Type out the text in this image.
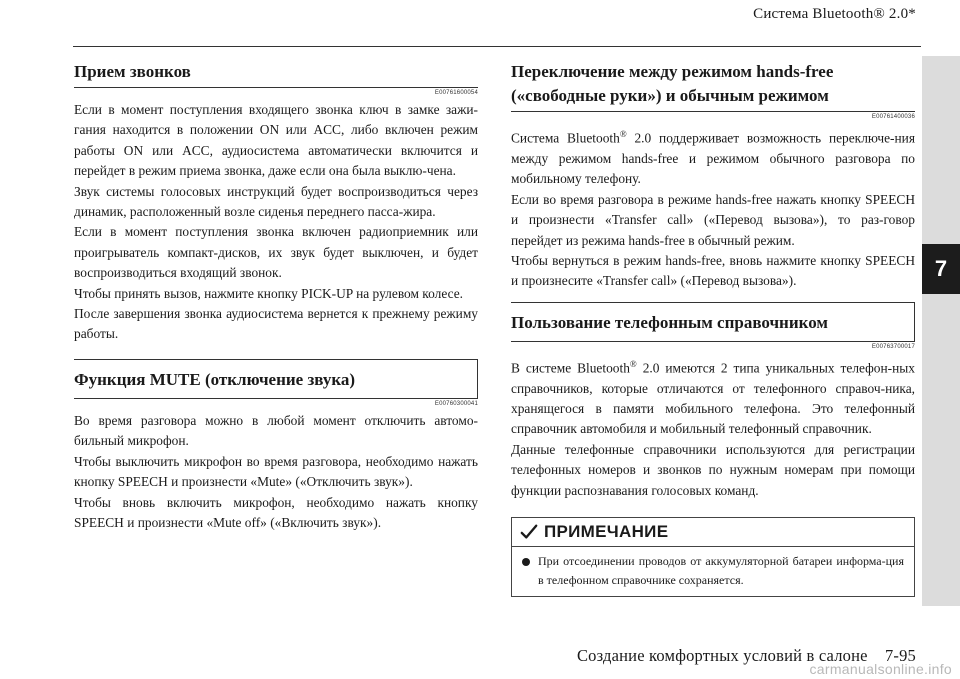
Система Bluetooth® 2.0*
7
Прием звонков
E00761600054

Если в момент поступления входящего звонка ключ в замке зажи-гания находится в положении ON или ACC, либо включен режим работы ON или ACC, аудиосистема автоматически включится и перейдет в режим приема звонка, даже если она была выклю-чена.

Звук системы голосовых инструкций будет воспроизводиться через динамик, расположенный возле сиденья переднего пасса-жира.

Если в момент поступления звонка включен радиоприемник или проигрыватель компакт-дисков, их звук будет выключен, и будет воспроизводиться входящий звонок.

Чтобы принять вызов, нажмите кнопку PICK-UP на рулевом колесе.

После завершения звонка аудиосистема вернется к прежнему режиму работы.

Функция MUTE (отключение звука)
E00760300041

Во время разговора можно в любой момент отключить автомо-бильный микрофон.

Чтобы выключить микрофон во время разговора, необходимо нажать кнопку SPEECH и произнести «Mute» («Отключить звук»).

Чтобы вновь включить микрофон, необходимо нажать кнопку SPEECH и произнести «Mute off» («Включить звук»).

Переключение между режимом hands-free
(«свободные руки») и обычным режимом
E00761400036

Система Bluetooth® 2.0 поддерживает возможность переключе-ния между режимом hands-free и режимом обычного разговора по мобильному телефону.

Если во время разговора в режиме hands-free нажать кнопку SPEECH и произнести «Transfer call» («Перевод вызова»), то раз-говор перейдет из режима hands-free в обычный режим.

Чтобы вернуться в режим hands-free, вновь нажмите кнопку SPEECH и произнесите «Transfer call» («Перевод вызова»).

Пользование телефонным справочником
E00763700017

В системе Bluetooth® 2.0 имеются 2 типа уникальных телефон-ных справочников, которые отличаются от телефонного справоч-ника, хранящегося в памяти мобильного телефона. Это телефонный справочник автомобиля и мобильный телефонный справочник.

Данные телефонные справочники используются для регистрации телефонных номеров и звонков по нужным номерам при помощи функции распознавания голосовых команд.

ПРИМЕЧАНИЕ
При отсоединении проводов от аккумуляторной батареи информа-ция в телефонном справочнике сохраняется.
Создание комфортных условий в салоне    7-95
carmanualsonline.info
